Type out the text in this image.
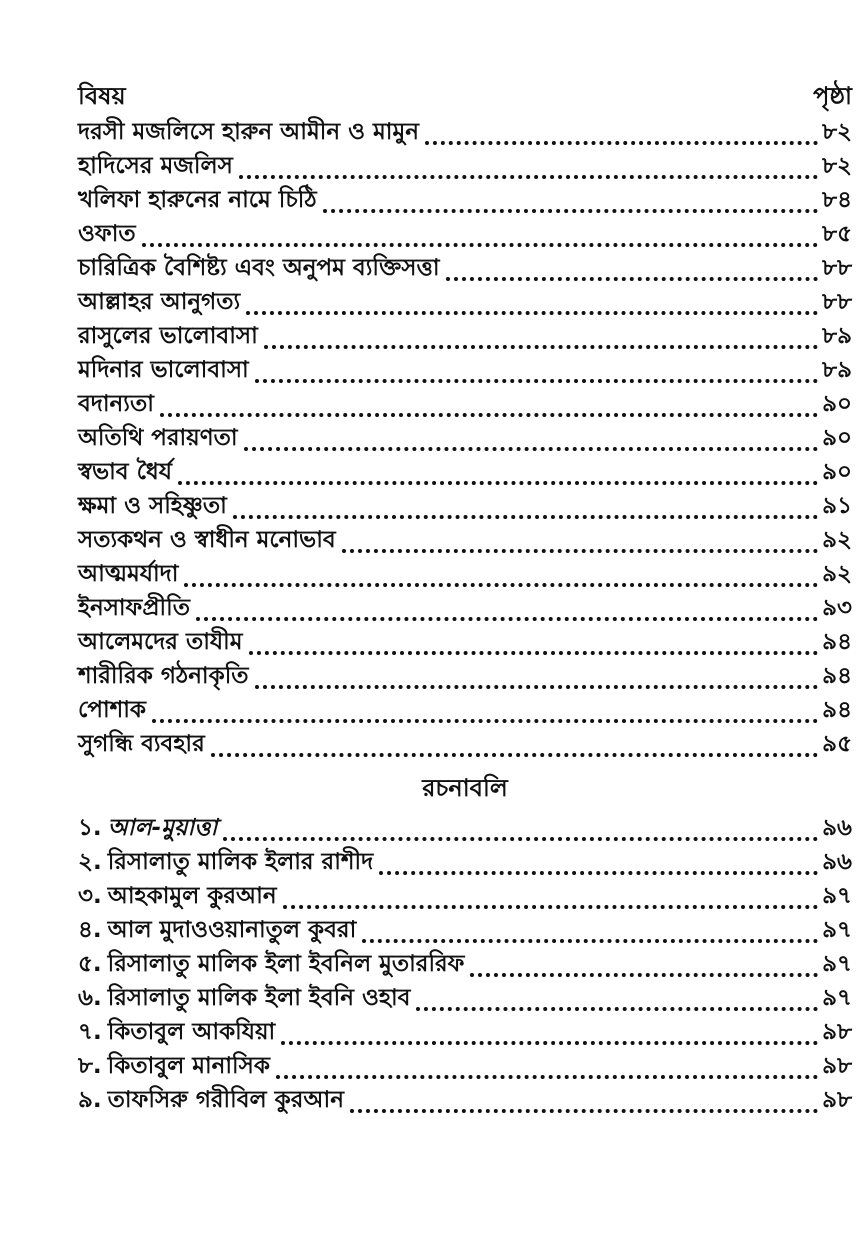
বিষয়	পৃষ্ঠা
দরসী মজলিসে হারুন আমীন ও মামুন	৮২
হাদিসের মজলিস	৮২
খলিফা হারুনের নামে চিঠি	৮৪
ওফাত	৮৫
চারিত্রিক বৈশিষ্ট্য এবং অনুপম ব্যক্তিসত্তা	৮৮
আল্লাহর আনুগত্য	৮৮
রাসুলের ভালোবাসা	৮৯
মদিনার ভালোবাসা	৮৯
বদান্যতা	৯০
অতিথি পরায়ণতা	৯০
স্বভাব ধৈর্য	৯০
ক্ষমা ও সহিষ্ণুতা	৯১
সত্যকথন ও স্বাধীন মনোভাব	৯২
আত্মমর্যাদা	৯২
ইনসাফপ্রীতি	৯৩
আলেমদের তাযীম	৯৪
শারীরিক গঠনাকৃতি	৯৪
পোশাক	৯৪
সুগন্ধি ব্যবহার	৯৫
রচনাবলি
১. আল-মুয়াত্তা	৯৬
২. রিসালাতু মালিক ইলার রাশীদ	৯৬
৩. আহকামুল কুরআন	৯৭
৪. আল মুদাওওয়ানাতুল কুবরা	৯৭
৫. রিসালাতু মালিক ইলা ইবনিল মুতাররিফ	৯৭
৬. রিসালাতু মালিক ইলা ইবনি ওহাব	৯৭
৭. কিতাবুল আকযিয়া	৯৮
৮. কিতাবুল মানাসিক	৯৮
৯. তাফসিরু গরীবিল কুরআন	৯৮
